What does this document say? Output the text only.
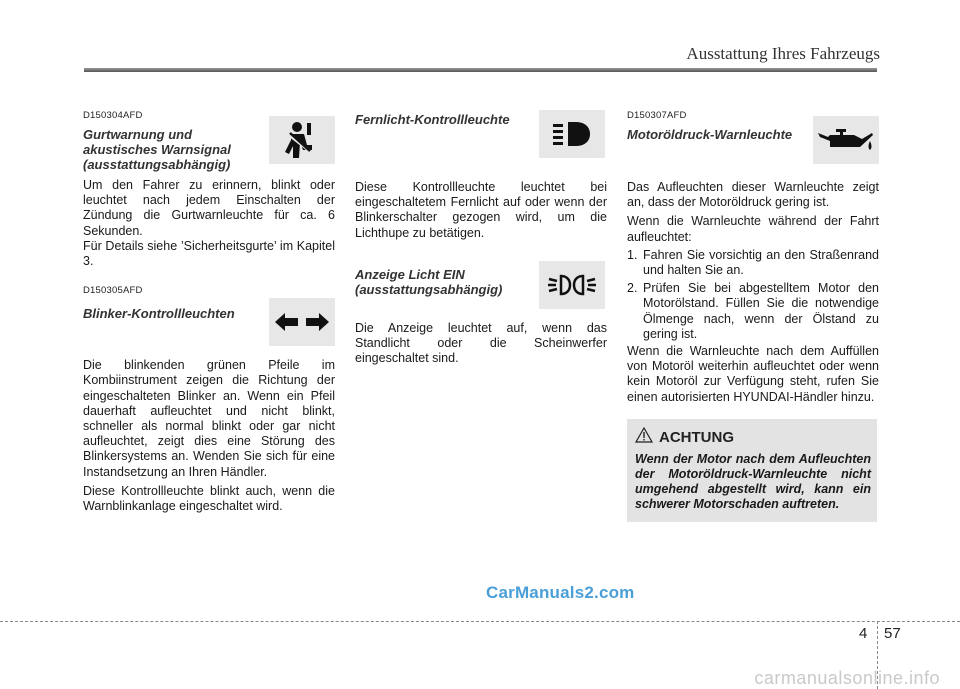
Ausstattung Ihres Fahrzeugs
D150304AFD
Gurtwarnung und akustisches Warnsignal (ausstattungsabhängig)

Um den Fahrer zu erinnern, blinkt oder leuchtet nach jedem Einschalten der Zündung die Gurtwarnleuchte für ca. 6 Sekunden.

Für Details siehe ’Sicherheitsgurte’ im Kapitel 3.

D150305AFD
Blinker-Kontrollleuchten

Die blinkenden grünen Pfeile im Kombiinstrument zeigen die Richtung der eingeschalteten Blinker an. Wenn ein Pfeil dauerhaft aufleuchtet und nicht blinkt, schneller als normal blinkt oder gar nicht aufleuchtet, zeigt dies eine Störung des Blinkersystems an. Wenden Sie sich für eine Instandsetzung an Ihren Händler.

Diese Kontrollleuchte blinkt auch, wenn die Warnblinkanlage eingeschaltet wird.

Fernlicht-Kontrollleuchte

Diese Kontrollleuchte leuchtet bei eingeschaltetem Fernlicht auf oder wenn der Blinkerschalter gezogen wird, um die Lichthupe zu betätigen.

Anzeige Licht EIN (ausstattungsabhängig)

Die Anzeige leuchtet auf, wenn das Standlicht oder die Scheinwerfer eingeschaltet sind.

D150307AFD
Motoröldruck-Warnleuchte

Das Aufleuchten dieser Warnleuchte zeigt an, dass der Motoröldruck gering ist.

Wenn die Warnleuchte während der Fahrt aufleuchtet:

1. Fahren Sie vorsichtig an den Straßenrand und halten Sie an.
2. Prüfen Sie bei abgestelltem Motor den Motorölstand. Füllen Sie die notwendige Ölmenge nach, wenn der Ölstand zu gering ist.

Wenn die Warnleuchte nach dem Auffüllen von Motoröl weiterhin aufleuchtet oder wenn kein Motoröl zur Verfügung steht, rufen Sie einen autorisierten HYUNDAI-Händler hinzu.

ACHTUNG

Wenn der Motor nach dem Aufleuchten der Motoröldruck-Warnleuchte nicht umgehend abgestellt wird, kann ein schwerer Motorschaden auftreten.

CarManuals2.com
4 57
carmanualsonline.info
